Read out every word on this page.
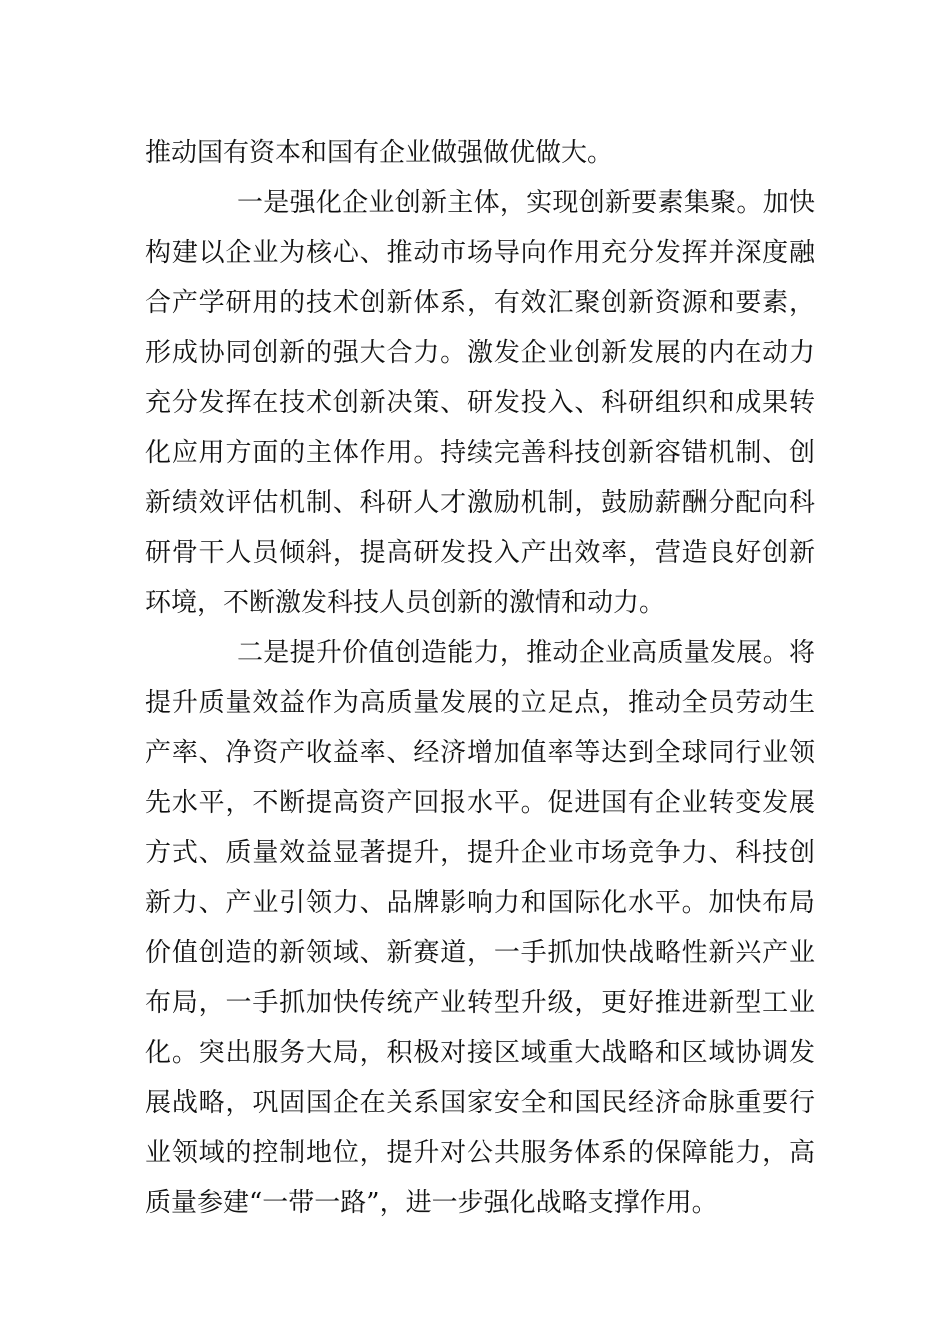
推动国有资本和国有企业做强做优做大。
一是强化企业创新主体，实现创新要素集聚。加快
构建以企业为核心、推动市场导向作用充分发挥并深度融
合产学研用的技术创新体系，有效汇聚创新资源和要素，
形成协同创新的强大合力。激发企业创新发展的内在动力
充分发挥在技术创新决策、研发投入、科研组织和成果转
化应用方面的主体作用。持续完善科技创新容错机制、创
新绩效评估机制、科研人才激励机制，鼓励薪酬分配向科
研骨干人员倾斜，提高研发投入产出效率，营造良好创新
环境，不断激发科技人员创新的激情和动力。
二是提升价值创造能力，推动企业高质量发展。将
提升质量效益作为高质量发展的立足点，推动全员劳动生
产率、净资产收益率、经济增加值率等达到全球同行业领
先水平，不断提高资产回报水平。促进国有企业转变发展
方式、质量效益显著提升，提升企业市场竞争力、科技创
新力、产业引领力、品牌影响力和国际化水平。加快布局
价值创造的新领域、新赛道，一手抓加快战略性新兴产业
布局，一手抓加快传统产业转型升级，更好推进新型工业
化。突出服务大局，积极对接区域重大战略和区域协调发
展战略，巩固国企在关系国家安全和国民经济命脉重要行
业领域的控制地位，提升对公共服务体系的保障能力，高
质量参建“一带一路”，进一步强化战略支撑作用。
